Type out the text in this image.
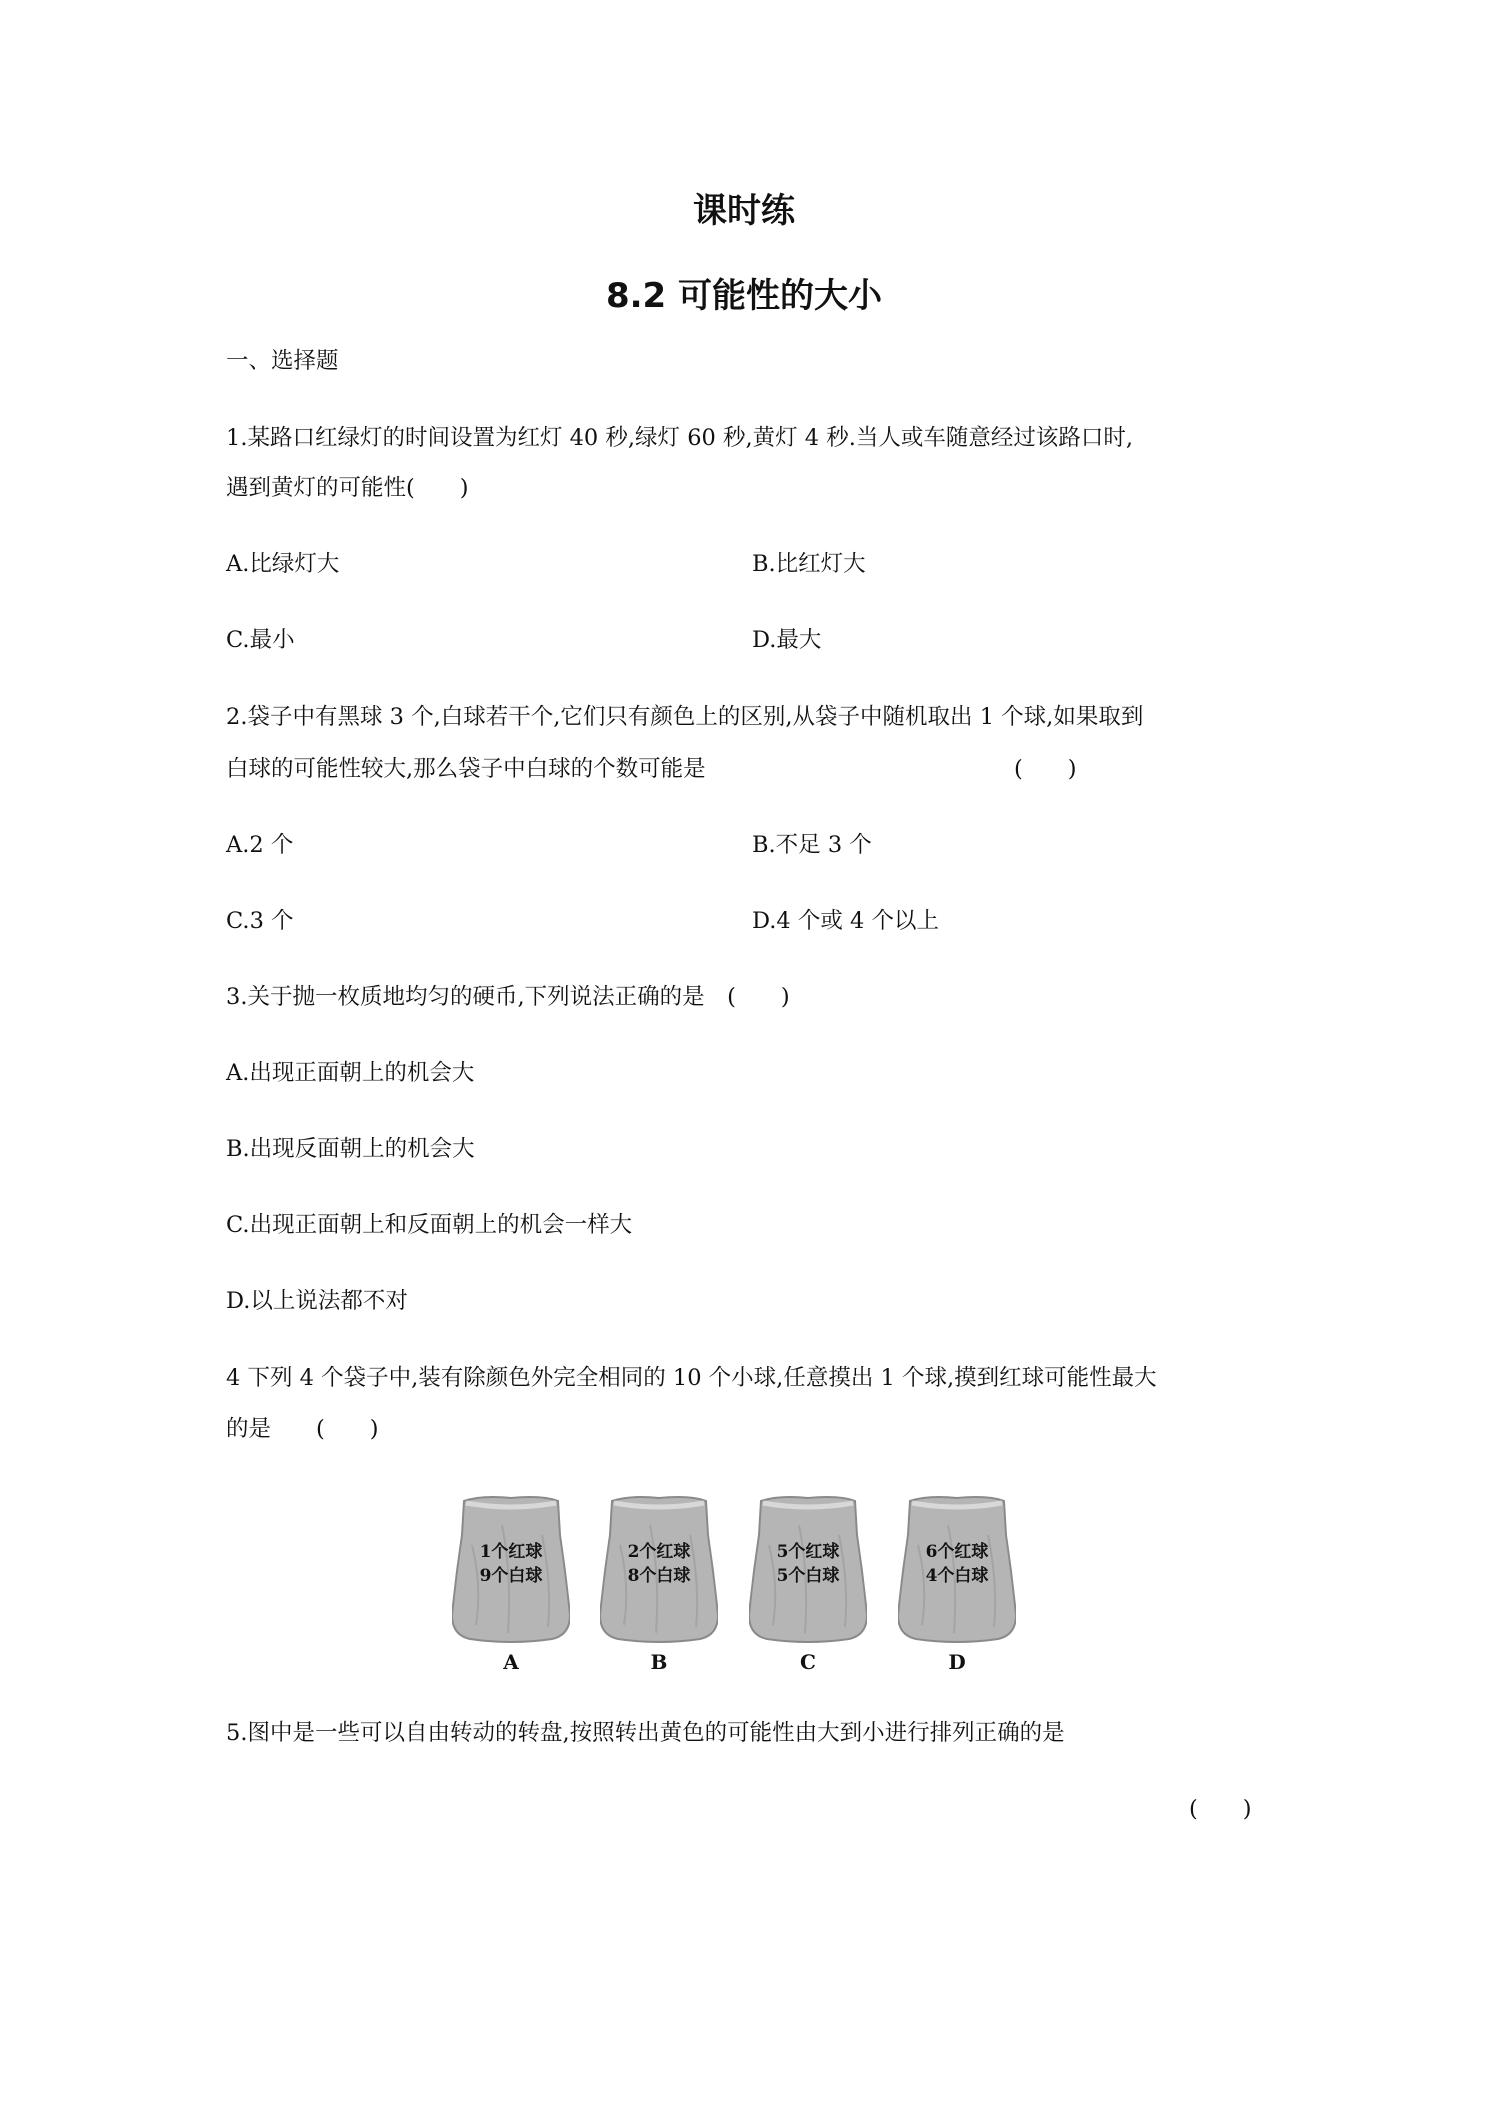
课时练
8.2 可能性的大小
一、选择题
1.某路口红绿灯的时间设置为红灯 40 秒,绿灯 60 秒,黄灯 4 秒.当人或车随意经过该路口时,
遇到黄灯的可能性(　　)
A.比绿灯大	B.比红灯大
C.最小	D.最大
2.袋子中有黑球 3 个,白球若干个,它们只有颜色上的区别,从袋子中随机取出 1 个球,如果取到
白球的可能性较大,那么袋子中白球的个数可能是	(　　)
A.2 个	B.不足 3 个
C.3 个	D.4 个或 4 个以上
3.关于抛一枚质地均匀的硬币,下列说法正确的是　(　　)
A.出现正面朝上的机会大
B.出现反面朝上的机会大
C.出现正面朝上和反面朝上的机会一样大
D.以上说法都不对
4 下列 4 个袋子中,装有除颜色外完全相同的 10 个小球,任意摸出 1 个球,摸到红球可能性最大
的是　　(　　)
1个红球
9个白球
A
2个红球
8个白球
B
5个红球
5个白球
C
6个红球
4个白球
D
5.图中是一些可以自由转动的转盘,按照转出黄色的可能性由大到小进行排列正确的是
(　　)
